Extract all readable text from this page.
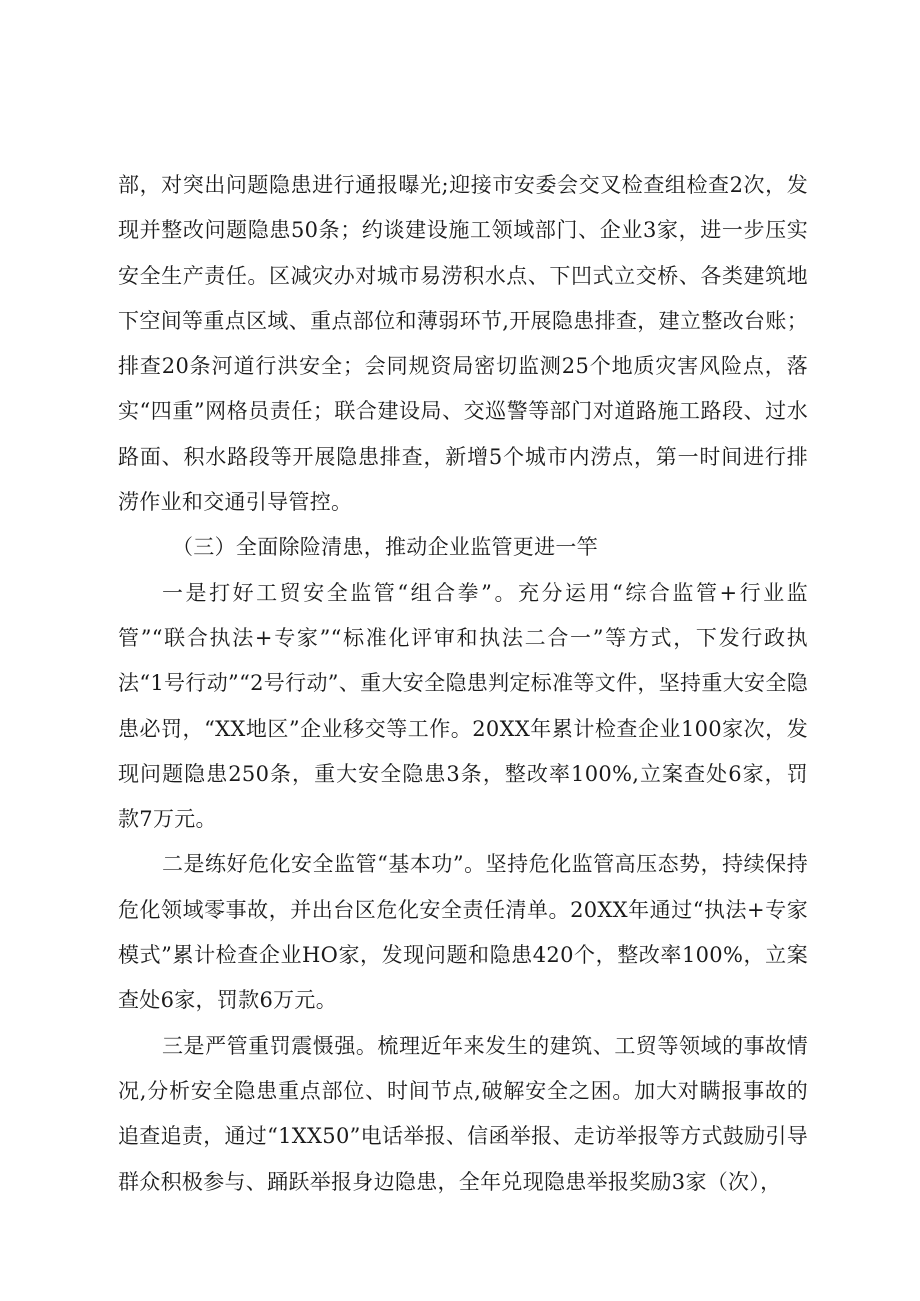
部，对突出问题隐患进行通报曝光;迎接市安委会交叉检查组检查2次，发现并整改问题隐患50条；约谈建设施工领域部门、企业3家，进一步压实安全生产责任。区减灾办对城市易涝积水点、下凹式立交桥、各类建筑地下空间等重点区域、重点部位和薄弱环节,开展隐患排查，建立整改台账；排查20条河道行洪安全；会同规资局密切监测25个地质灾害风险点，落实“四重”网格员责任；联合建设局、交巡警等部门对道路施工路段、过水路面、积水路段等开展隐患排查，新增5个城市内涝点，第一时间进行排涝作业和交通引导管控。

（三）全面除险清患，推动企业监管更进一竿

一是打好工贸安全监管“组合拳”。充分运用“综合监管+行业监管”“联合执法+专家”“标准化评审和执法二合一”等方式，下发行政执法“1号行动”“2号行动”、重大安全隐患判定标准等文件，坚持重大安全隐患必罚，“XX地区”企业移交等工作。20XX年累计检查企业100家次，发现问题隐患250条，重大安全隐患3条，整改率100%,立案查处6家，罚款7万元。

二是练好危化安全监管“基本功”。坚持危化监管高压态势，持续保持危化领域零事故，并出台区危化安全责任清单。20XX年通过“执法+专家模式”累计检查企业HO家，发现问题和隐患420个，整改率100%，立案查处6家，罚款6万元。

三是严管重罚震慑强。梳理近年来发生的建筑、工贸等领域的事故情况,分析安全隐患重点部位、时间节点,破解安全之困。加大对瞒报事故的追查追责，通过“1XX50”电话举报、信函举报、走访举报等方式鼓励引导群众积极参与、踊跃举报身边隐患，全年兑现隐患举报奖励3家（次），
